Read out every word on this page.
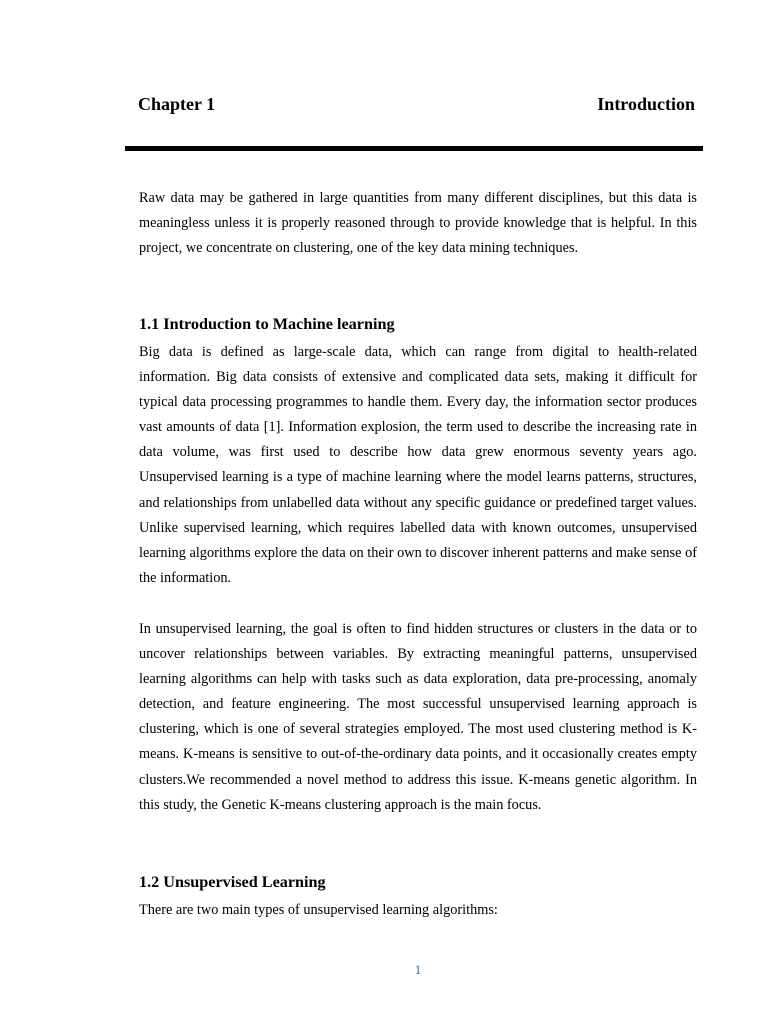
Chapter 1	Introduction

Raw data may be gathered in large quantities from many different disciplines, but this data is meaningless unless it is properly reasoned through to provide knowledge that is helpful. In this project, we concentrate on clustering, one of the key data mining techniques.

1.1 Introduction to Machine learning

Big data is defined as large-scale data, which can range from digital to health-related information. Big data consists of extensive and complicated data sets, making it difficult for typical data processing programmes to handle them. Every day, the information sector produces vast amounts of data [1]. Information explosion, the term used to describe the increasing rate in data volume, was first used to describe how data grew enormous seventy years ago. Unsupervised learning is a type of machine learning where the model learns patterns, structures, and relationships from unlabelled data without any specific guidance or predefined target values. Unlike supervised learning, which requires labelled data with known outcomes, unsupervised learning algorithms explore the data on their own to discover inherent patterns and make sense of the information.

In unsupervised learning, the goal is often to find hidden structures or clusters in the data or to uncover relationships between variables. By extracting meaningful patterns, unsupervised learning algorithms can help with tasks such as data exploration, data pre-processing, anomaly detection, and feature engineering. The most successful unsupervised learning approach is clustering, which is one of several strategies employed. The most used clustering method is K-means. K-means is sensitive to out-of-the-ordinary data points, and it occasionally creates empty clusters.We recommended a novel method to address this issue. K-means genetic algorithm. In this study, the Genetic K-means clustering approach is the main focus.

1.2 Unsupervised Learning

There are two main types of unsupervised learning algorithms:

1
